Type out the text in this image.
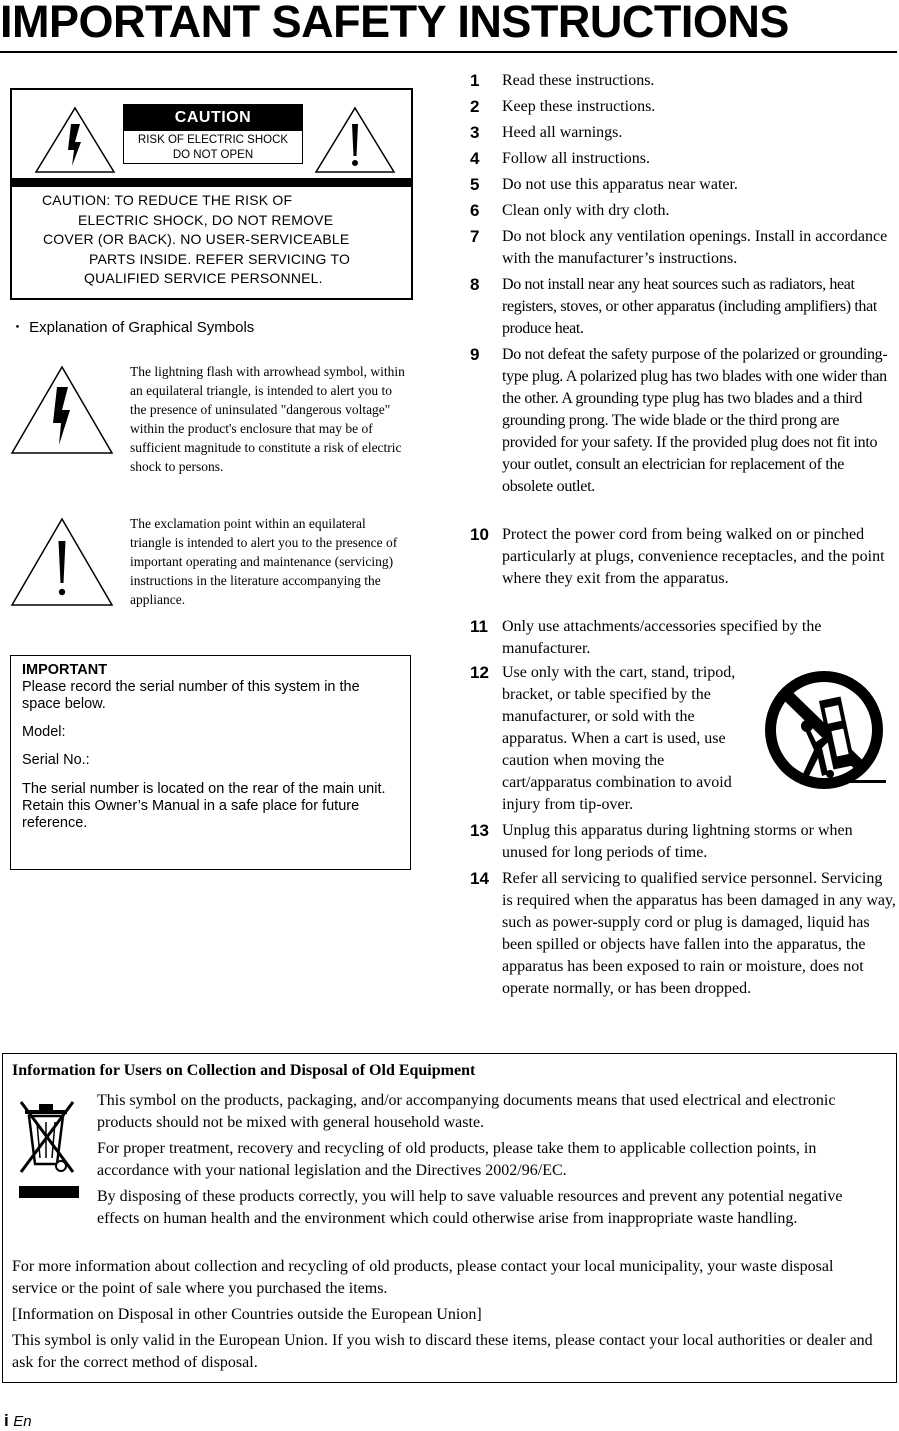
IMPORTANT SAFETY INSTRUCTIONS
CAUTION
RISK OF ELECTRIC SHOCK
DO NOT OPEN
CAUTION: TO REDUCE THE RISK OF
ELECTRIC SHOCK, DO NOT REMOVE
COVER (OR BACK). NO USER-SERVICEABLE
PARTS INSIDE. REFER SERVICING TO
QUALIFIED SERVICE PERSONNEL.
・ Explanation of Graphical Symbols
The lightning flash with arrowhead symbol, within an equilateral triangle, is intended to alert you to the presence of uninsulated "dangerous voltage" within the product's enclosure that may be of sufficient magnitude to constitute a risk of electric shock to persons.
The exclamation point within an equilateral triangle is intended to alert you to the presence of important operating and maintenance (servicing) instructions in the literature accompanying the appliance.

IMPORTANT

Please record the serial number of this system in the space below.

Model:

Serial No.:

The serial number is located on the rear of the main unit.

Retain this Owner’s Manual in a safe place for future reference.

1	Read these instructions.
2	Keep these instructions.
3	Heed all warnings.
4	Follow all instructions.
5	Do not use this apparatus near water.
6	Clean only with dry cloth.
7	Do not block any ventilation openings. Install in accordance with the manufacturer’s instructions.
8	Do not install near any heat sources such as radiators, heat registers, stoves, or other apparatus (including amplifiers) that produce heat.
9	Do not defeat the safety purpose of the polarized or grounding-type plug. A polarized plug has two blades with one wider than the other. A grounding type plug has two blades and a third grounding prong. The wide blade or the third prong are provided for your safety. If the provided plug does not fit into your outlet, consult an electrician for replacement of the obsolete outlet.
10 Protect the power cord from being walked on or pinched particularly at plugs, convenience receptacles, and the point where they exit from the apparatus.
11 Only use attachments/accessories specified by the manufacturer.
12 Use only with the cart, stand, tripod, bracket, or table specified by the manufacturer, or sold with the apparatus. When a cart is used, use caution when moving the cart/apparatus combination to avoid injury from tip-over.
13 Unplug this apparatus during lightning storms or when unused for long periods of time.
14 Refer all servicing to qualified service personnel. Servicing is required when the apparatus has been damaged in any way, such as power-supply cord or plug is damaged, liquid has been spilled or objects have fallen into the apparatus, the apparatus has been exposed to rain or moisture, does not operate normally, or has been dropped.
Information for Users on Collection and Disposal of Old Equipment
This symbol on the products, packaging, and/or accompanying documents means that used electrical and electronic products should not be mixed with general household waste.
For proper treatment, recovery and recycling of old products, please take them to applicable collection points, in accordance with your national legislation and the Directives 2002/96/EC.
By disposing of these products correctly, you will help to save valuable resources and prevent any potential negative effects on human health and the environment which could otherwise arise from inappropriate waste handling.
For more information about collection and recycling of old products, please contact your local municipality, your waste disposal service or the point of sale where you purchased the items.
[Information on Disposal in other Countries outside the European Union]
This symbol is only valid in the European Union. If you wish to discard these items, please contact your local authorities or dealer and ask for the correct method of disposal.
i En
